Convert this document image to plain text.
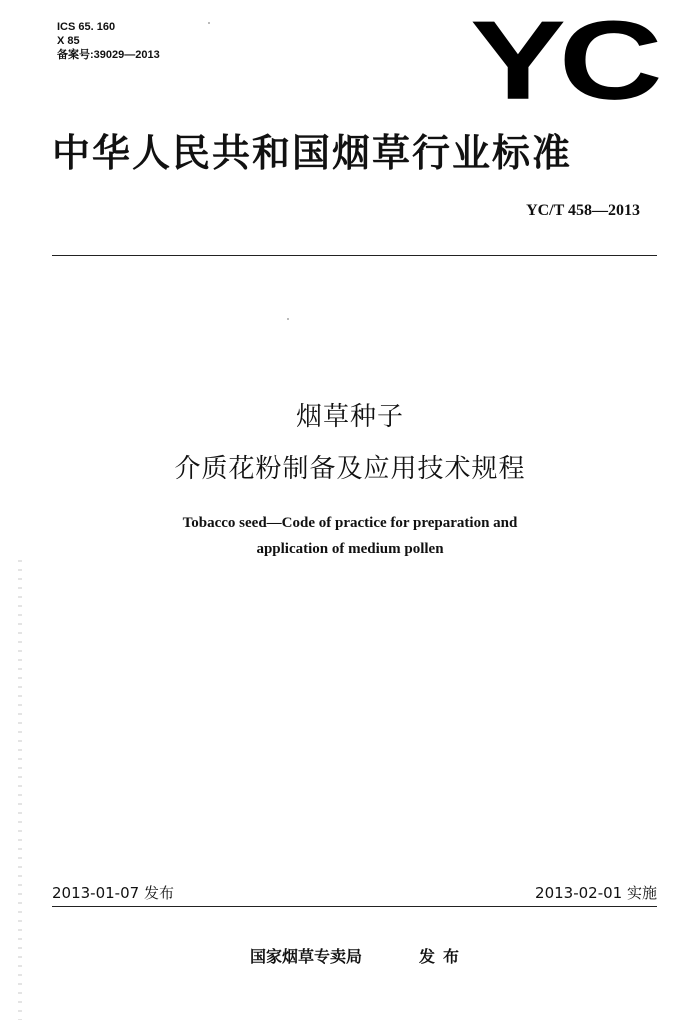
ICS 65. 160
X 85
备案号:39029—2013	YC
中华人民共和国烟草行业标准
YC/T 458—2013
烟草种子
介质花粉制备及应用技术规程
Tobacco seed—Code of practice for preparation and
application of medium pollen
2013-01-07 发布	2013-02-01 实施
国家烟草专卖局	发布
